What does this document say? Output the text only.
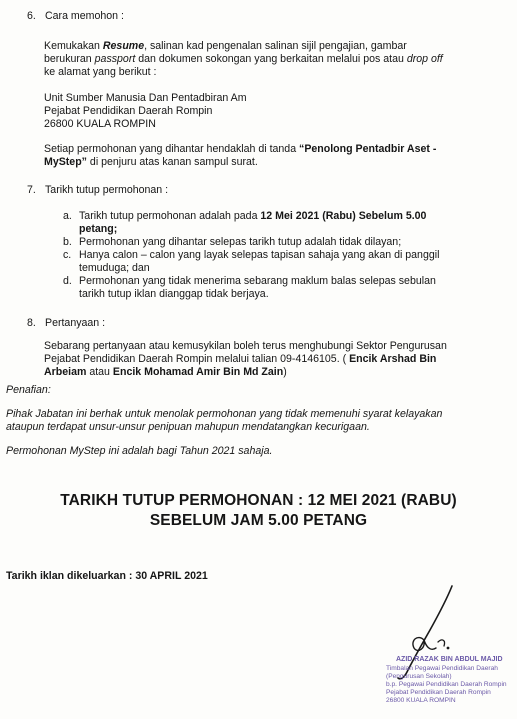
6. Cara memohon :
Kemukakan Resume, salinan kad pengenalan salinan sijil pengajian, gambar
berukuran passport dan dokumen sokongan yang berkaitan melalui pos atau drop off
ke alamat yang berikut :
Unit Sumber Manusia Dan Pentadbiran Am
Pejabat Pendidikan Daerah Rompin
26800 KUALA ROMPIN
Setiap permohonan yang dihantar hendaklah di tanda “Penolong Pentadbir Aset -
MyStep” di penjuru atas kanan sampul surat.
7. Tarikh tutup permohonan :
a. Tarikh tutup permohonan adalah pada 12 Mei 2021 (Rabu) Sebelum 5.00
petang;
b. Permohonan yang dihantar selepas tarikh tutup adalah tidak dilayan;
c. Hanya calon – calon yang layak selepas tapisan sahaja yang akan di panggil
temuduga; dan
d. Permohonan yang tidak menerima sebarang maklum balas selepas sebulan
tarikh tutup iklan dianggap tidak berjaya.
8. Pertanyaan :
Sebarang pertanyaan atau kemusykilan boleh terus menghubungi Sektor Pengurusan
Pejabat Pendidikan Daerah Rompin melalui talian 09-4146105. ( Encik Arshad Bin
Arbeiam atau Encik Mohamad Amir Bin Md Zain)
Penafian:
Pihak Jabatan ini berhak untuk menolak permohonan yang tidak memenuhi syarat kelayakan
ataupun terdapat unsur-unsur penipuan mahupun mendatangkan kecurigaan.
Permohonan MyStep ini adalah bagi Tahun 2021 sahaja.
TARIKH TUTUP PERMOHONAN : 12 MEI 2021 (RABU)
SEBELUM JAM 5.00 PETANG
Tarikh iklan dikeluarkan : 30 APRIL 2021
AZID RAZAK BIN ABDUL MAJID
Timbalan Pegawai Pendidikan Daerah
(Pengurusan Sekolah)
b.p. Pegawai Pendidikan Daerah Rompin
Pejabat Pendidikan Daerah Rompin
26800 KUALA ROMPIN
